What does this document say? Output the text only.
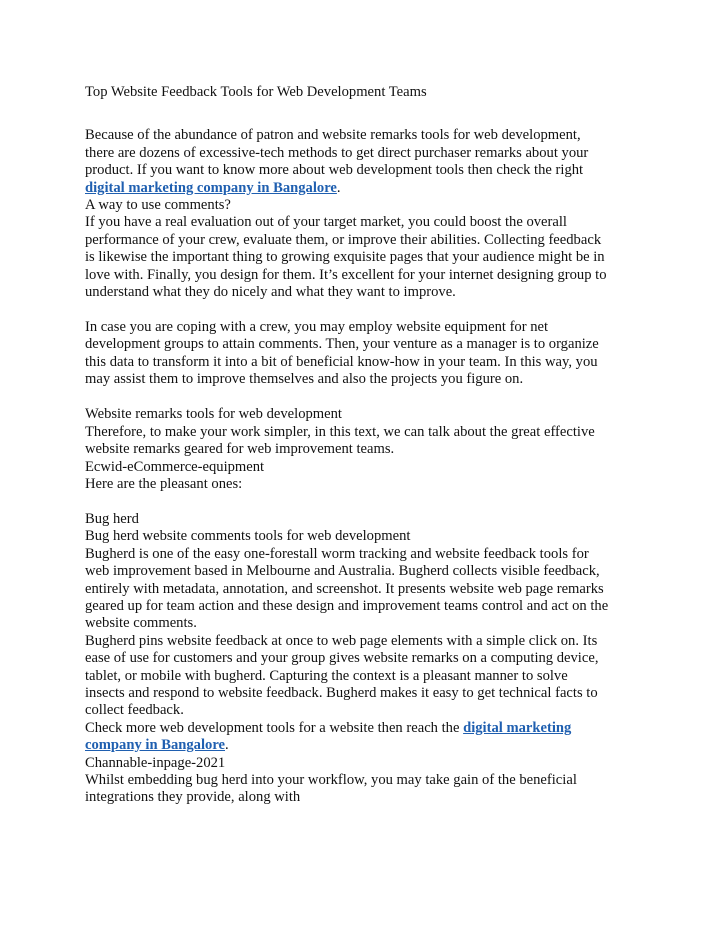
Top Website Feedback Tools for Web Development Teams
Because of the abundance of patron and website remarks tools for web development,
there are dozens of excessive-tech methods to get direct purchaser remarks about your
product. If you want to know more about web development tools then check the right
digital marketing company in Bangalore.
A way to use comments?
If you have a real evaluation out of your target market, you could boost the overall
performance of your crew, evaluate them, or improve their abilities. Collecting feedback
is likewise the important thing to growing exquisite pages that your audience might be in
love with. Finally, you design for them. It’s excellent for your internet designing group to
understand what they do nicely and what they want to improve.
In case you are coping with a crew, you may employ website equipment for net
development groups to attain comments. Then, your venture as a manager is to organize
this data to transform it into a bit of beneficial know-how in your team. In this way, you
may assist them to improve themselves and also the projects you figure on.
Website remarks tools for web development
Therefore, to make your work simpler, in this text, we can talk about the great effective
website remarks geared for web improvement teams.
Ecwid-eCommerce-equipment
Here are the pleasant ones:
Bug herd
Bug herd website comments tools for web development
Bugherd is one of the easy one-forestall worm tracking and website feedback tools for
web improvement based in Melbourne and Australia. Bugherd collects visible feedback,
entirely with metadata, annotation, and screenshot. It presents website web page remarks
geared up for team action and these design and improvement teams control and act on the
website comments.
Bugherd pins website feedback at once to web page elements with a simple click on. Its
ease of use for customers and your group gives website remarks on a computing device,
tablet, or mobile with bugherd. Capturing the context is a pleasant manner to solve
insects and respond to website feedback. Bugherd makes it easy to get technical facts to
collect feedback.
Check more web development tools for a website then reach the digital marketing
company in Bangalore.
Channable-inpage-2021
Whilst embedding bug herd into your workflow, you may take gain of the beneficial
integrations they provide, along with
